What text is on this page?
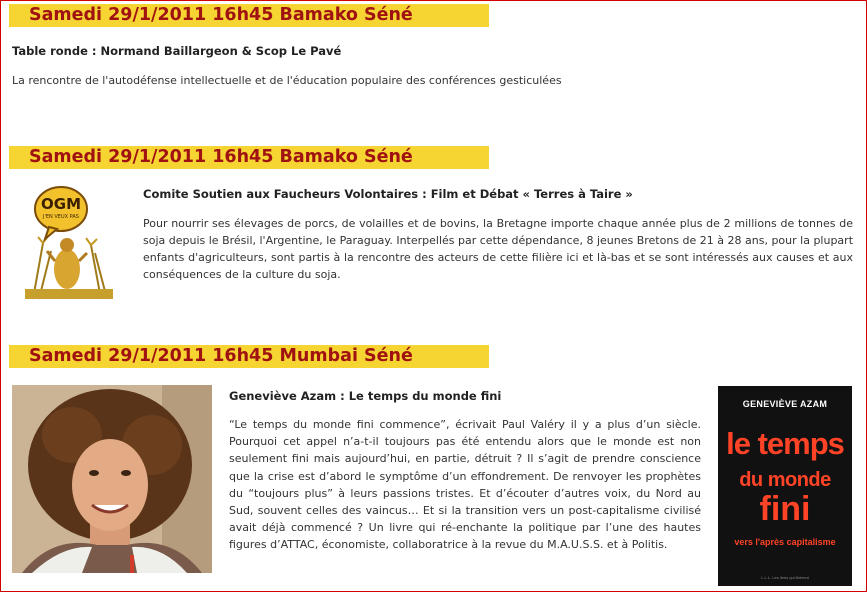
Samedi 29/1/2011 16h45 Bamako Séné
Table ronde : Normand Baillargeon & Scop Le Pavé
La rencontre de l'autodéfense intellectuelle et de l'éducation populaire des conférences gesticulées
Samedi 29/1/2011 16h45 Bamako Séné
OGM
J'EN VEUX PAS
Comite Soutien aux Faucheurs Volontaires : Film et Débat « Terres à Taire »
Pour nourrir ses élevages de porcs, de volailles et de bovins, la Bretagne importe chaque année plus de 2 millions de tonnes de soja depuis le Brésil, l'Argentine, le Paraguay. Interpellés par cette dépendance, 8 jeunes Bretons de 21 à 28 ans, pour la plupart enfants d'agriculteurs, sont partis à la rencontre des acteurs de cette filière ici et là-bas et se sont intéressés aux causes et aux conséquences de la culture du soja.
Samedi 29/1/2011 16h45 Mumbai Séné
Geneviève Azam : Le temps du monde fini
“Le temps du monde fini commence”, écrivait Paul Valéry il y a plus d’un siècle. Pourquoi cet appel n’a-t-il toujours pas été entendu alors que le monde est non seulement fini mais aujourd’hui, en partie, détruit ? Il s’agit de prendre conscience que la crise est d’abord le symptôme d’un effondrement. De renvoyer les prophètes du “toujours plus” à leurs passions tristes. Et d’écouter d’autres voix, du Nord au Sud, souvent celles des vaincus… Et si la transition vers un post-capitalisme civilisé avait déjà commencé ? Un livre qui ré-enchante la politique par l’une des hautes figures d’ATTAC, économiste, collaboratrice à la revue du M.A.U.S.S. et à Politis.
GENEVIÈVE AZAM
le temps
du monde
fini
vers l'après capitalisme
L.L.L. Les liens qui libèrent
